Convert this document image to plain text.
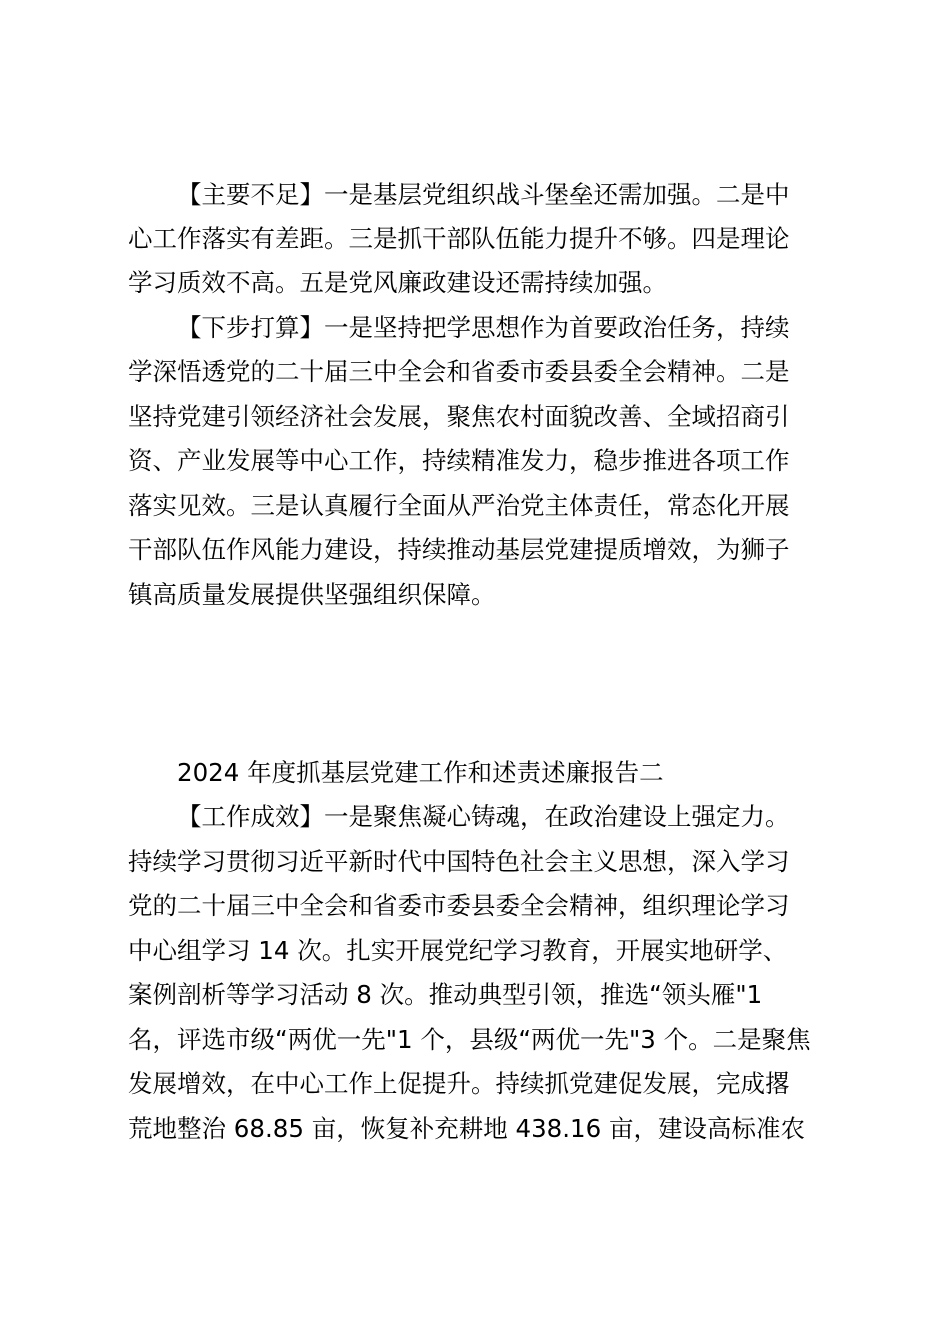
【主要不足】一是基层党组织战斗堡垒还需加强。二是中
心工作落实有差距。三是抓干部队伍能力提升不够。四是理论
学习质效不高。五是党风廉政建设还需持续加强。
【下步打算】一是坚持把学思想作为首要政治任务，持续
学深悟透党的二十届三中全会和省委市委县委全会精神。二是
坚持党建引领经济社会发展，聚焦农村面貌改善、全域招商引
资、产业发展等中心工作，持续精准发力，稳步推进各项工作
落实见效。三是认真履行全面从严治党主体责任，常态化开展
干部队伍作风能力建设，持续推动基层党建提质增效，为狮子
镇高质量发展提供坚强组织保障。
2024 年度抓基层党建工作和述责述廉报告二
【工作成效】一是聚焦凝心铸魂，在政治建设上强定力。
持续学习贯彻习近平新时代中国特色社会主义思想，深入学习
党的二十届三中全会和省委市委县委全会精神，组织理论学习
中心组学习 14 次。扎实开展党纪学习教育，开展实地研学、
案例剖析等学习活动 8 次。推动典型引领，推选“领头雁"1
名，评选市级“两优一先"1 个，县级“两优一先"3 个。二是聚焦
发展增效，在中心工作上促提升。持续抓党建促发展，完成撂
荒地整治 68.85 亩，恢复补充耕地 438.16 亩，建设高标准农
